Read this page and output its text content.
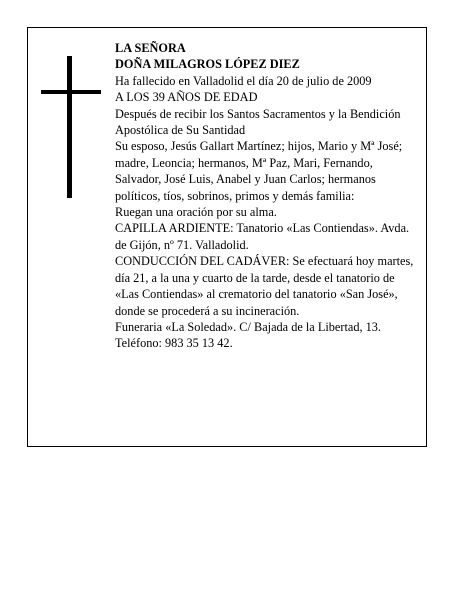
LA SEÑORA

DOÑA MILAGROS LÓPEZ DIEZ

Ha fallecido en Valladolid el día 20 de julio de 2009

A LOS 39 AÑOS DE EDAD

Después de recibir los Santos Sacramentos y la Bendición Apostólica de Su Santidad

Su esposo, Jesús Gallart Martínez; hijos, Mario y Mª José; madre, Leoncia; hermanos, Mª Paz, Mari, Fernando, Salvador, José Luis, Anabel y Juan Carlos; hermanos políticos, tíos, sobrinos, primos y demás familia:

Ruegan una oración por su alma.

CAPILLA ARDIENTE: Tanatorio «Las Contiendas». Avda. de Gijón, nº 71. Valladolid.

CONDUCCIÓN DEL CADÁVER: Se efectuará hoy martes, día 21, a la una y cuarto de la tarde, desde el tanatorio de «Las Contiendas» al crematorio del tanatorio «San José», donde se procederá a su incineración.

Funeraria «La Soledad». C/ Bajada de la Libertad, 13. Teléfono: 983 35 13 42.
